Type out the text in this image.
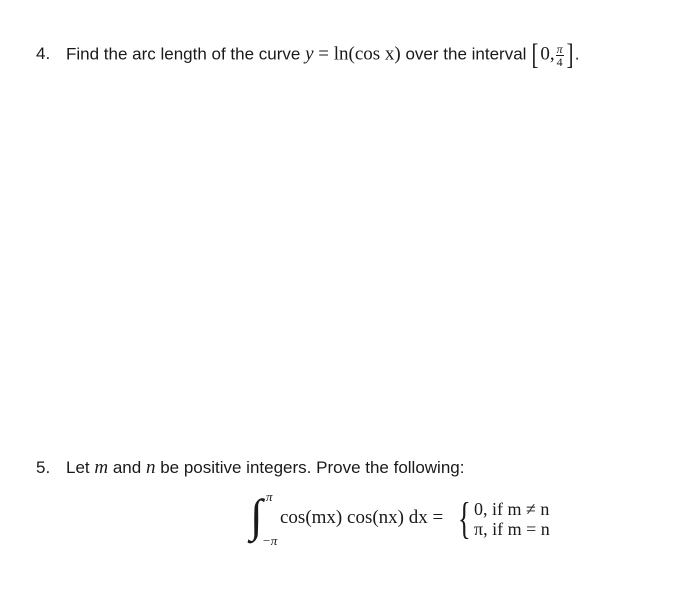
4. Find the arc length of the curve y = ln(cos x) over the interval [0, $\frac{\pi}{4}$ ].
5. Let m and n be positive integers. Prove the following:
∫ π
−π
cos(mx) cos(nx) dx = { 0, if m ≠ n
π, if m = n
